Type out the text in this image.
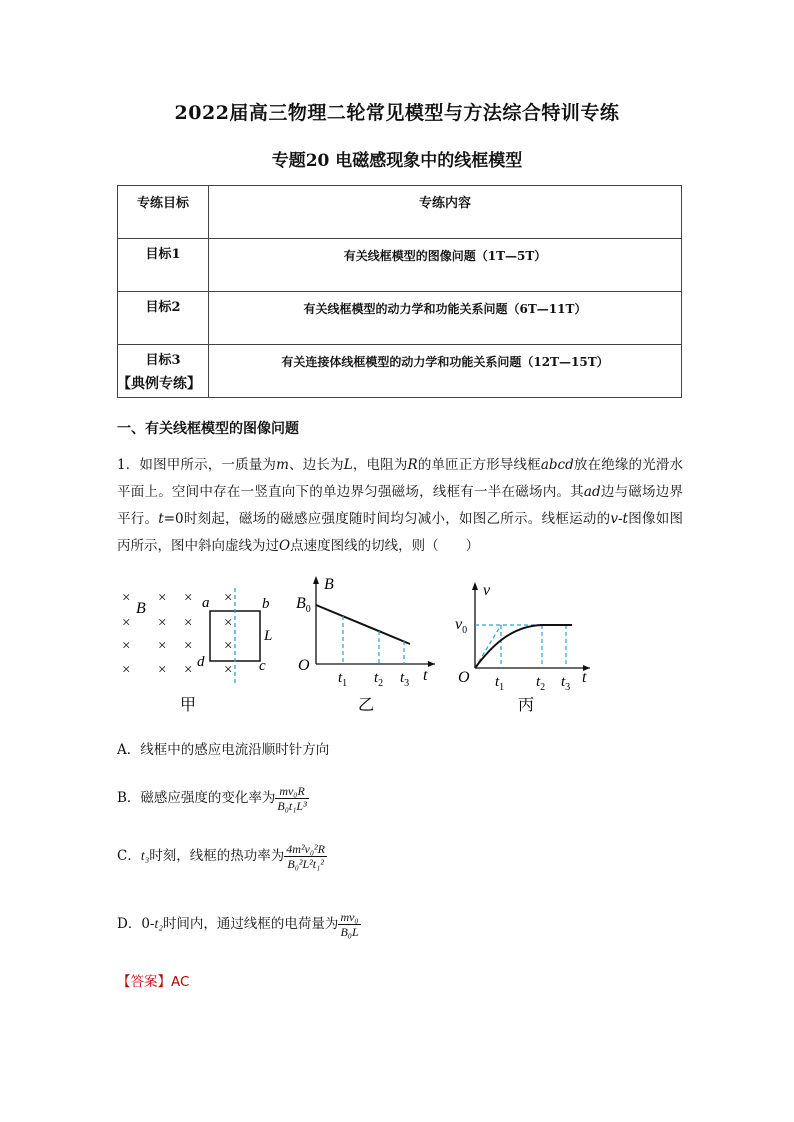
2022届高三物理二轮常见模型与方法综合特训专练
专题20 电磁感现象中的线框模型
专练目标	专练内容
目标1	有关线框模型的图像问题（1T—5T）
目标2	有关线框模型的动力学和功能关系问题（6T—11T）
目标3	有关连接体线框模型的动力学和功能关系问题（12T—15T）
【典例专练】
一、有关线框模型的图像问题
1．如图甲所示，一质量为m、边长为L，电阻为R的单匝正方形导线框abcd放在绝缘的光滑水平面上。空间中存在一竖直向下的单边界匀强磁场，线框有一半在磁场内。其ad边与磁场边界平行。t=0时刻起，磁场的磁感应强度随时间均匀减小，如图乙所示。线框运动的v-t图像如图丙所示，图中斜向虚线为过O点速度图线的切线，则（　　）
× × × ×
× × × ×
× × × ×
× × × ×
B	a	b
d	c
L
甲
B
$B_0$
O
$t_1$ $t_2$ $t_3$ t
乙
v
$v_0$
O $t_1$ $t_2$ $t_3$
t
丙
A．线框中的感应电流沿顺时针方向
B．磁感应强度的变化率为 $\frac{\text{mv₀R}}{\text{B₀t₁L³}}$
C．t₃时刻，线框的热功率为 $\frac{\text{4m²v₀²R}}{\text{B₀²L²t₁²}}$
D．0-t₂时间内，通过线框的电荷量为 $\frac{\text{mv₀}}{\text{B₀L}}$
【答案】AC
